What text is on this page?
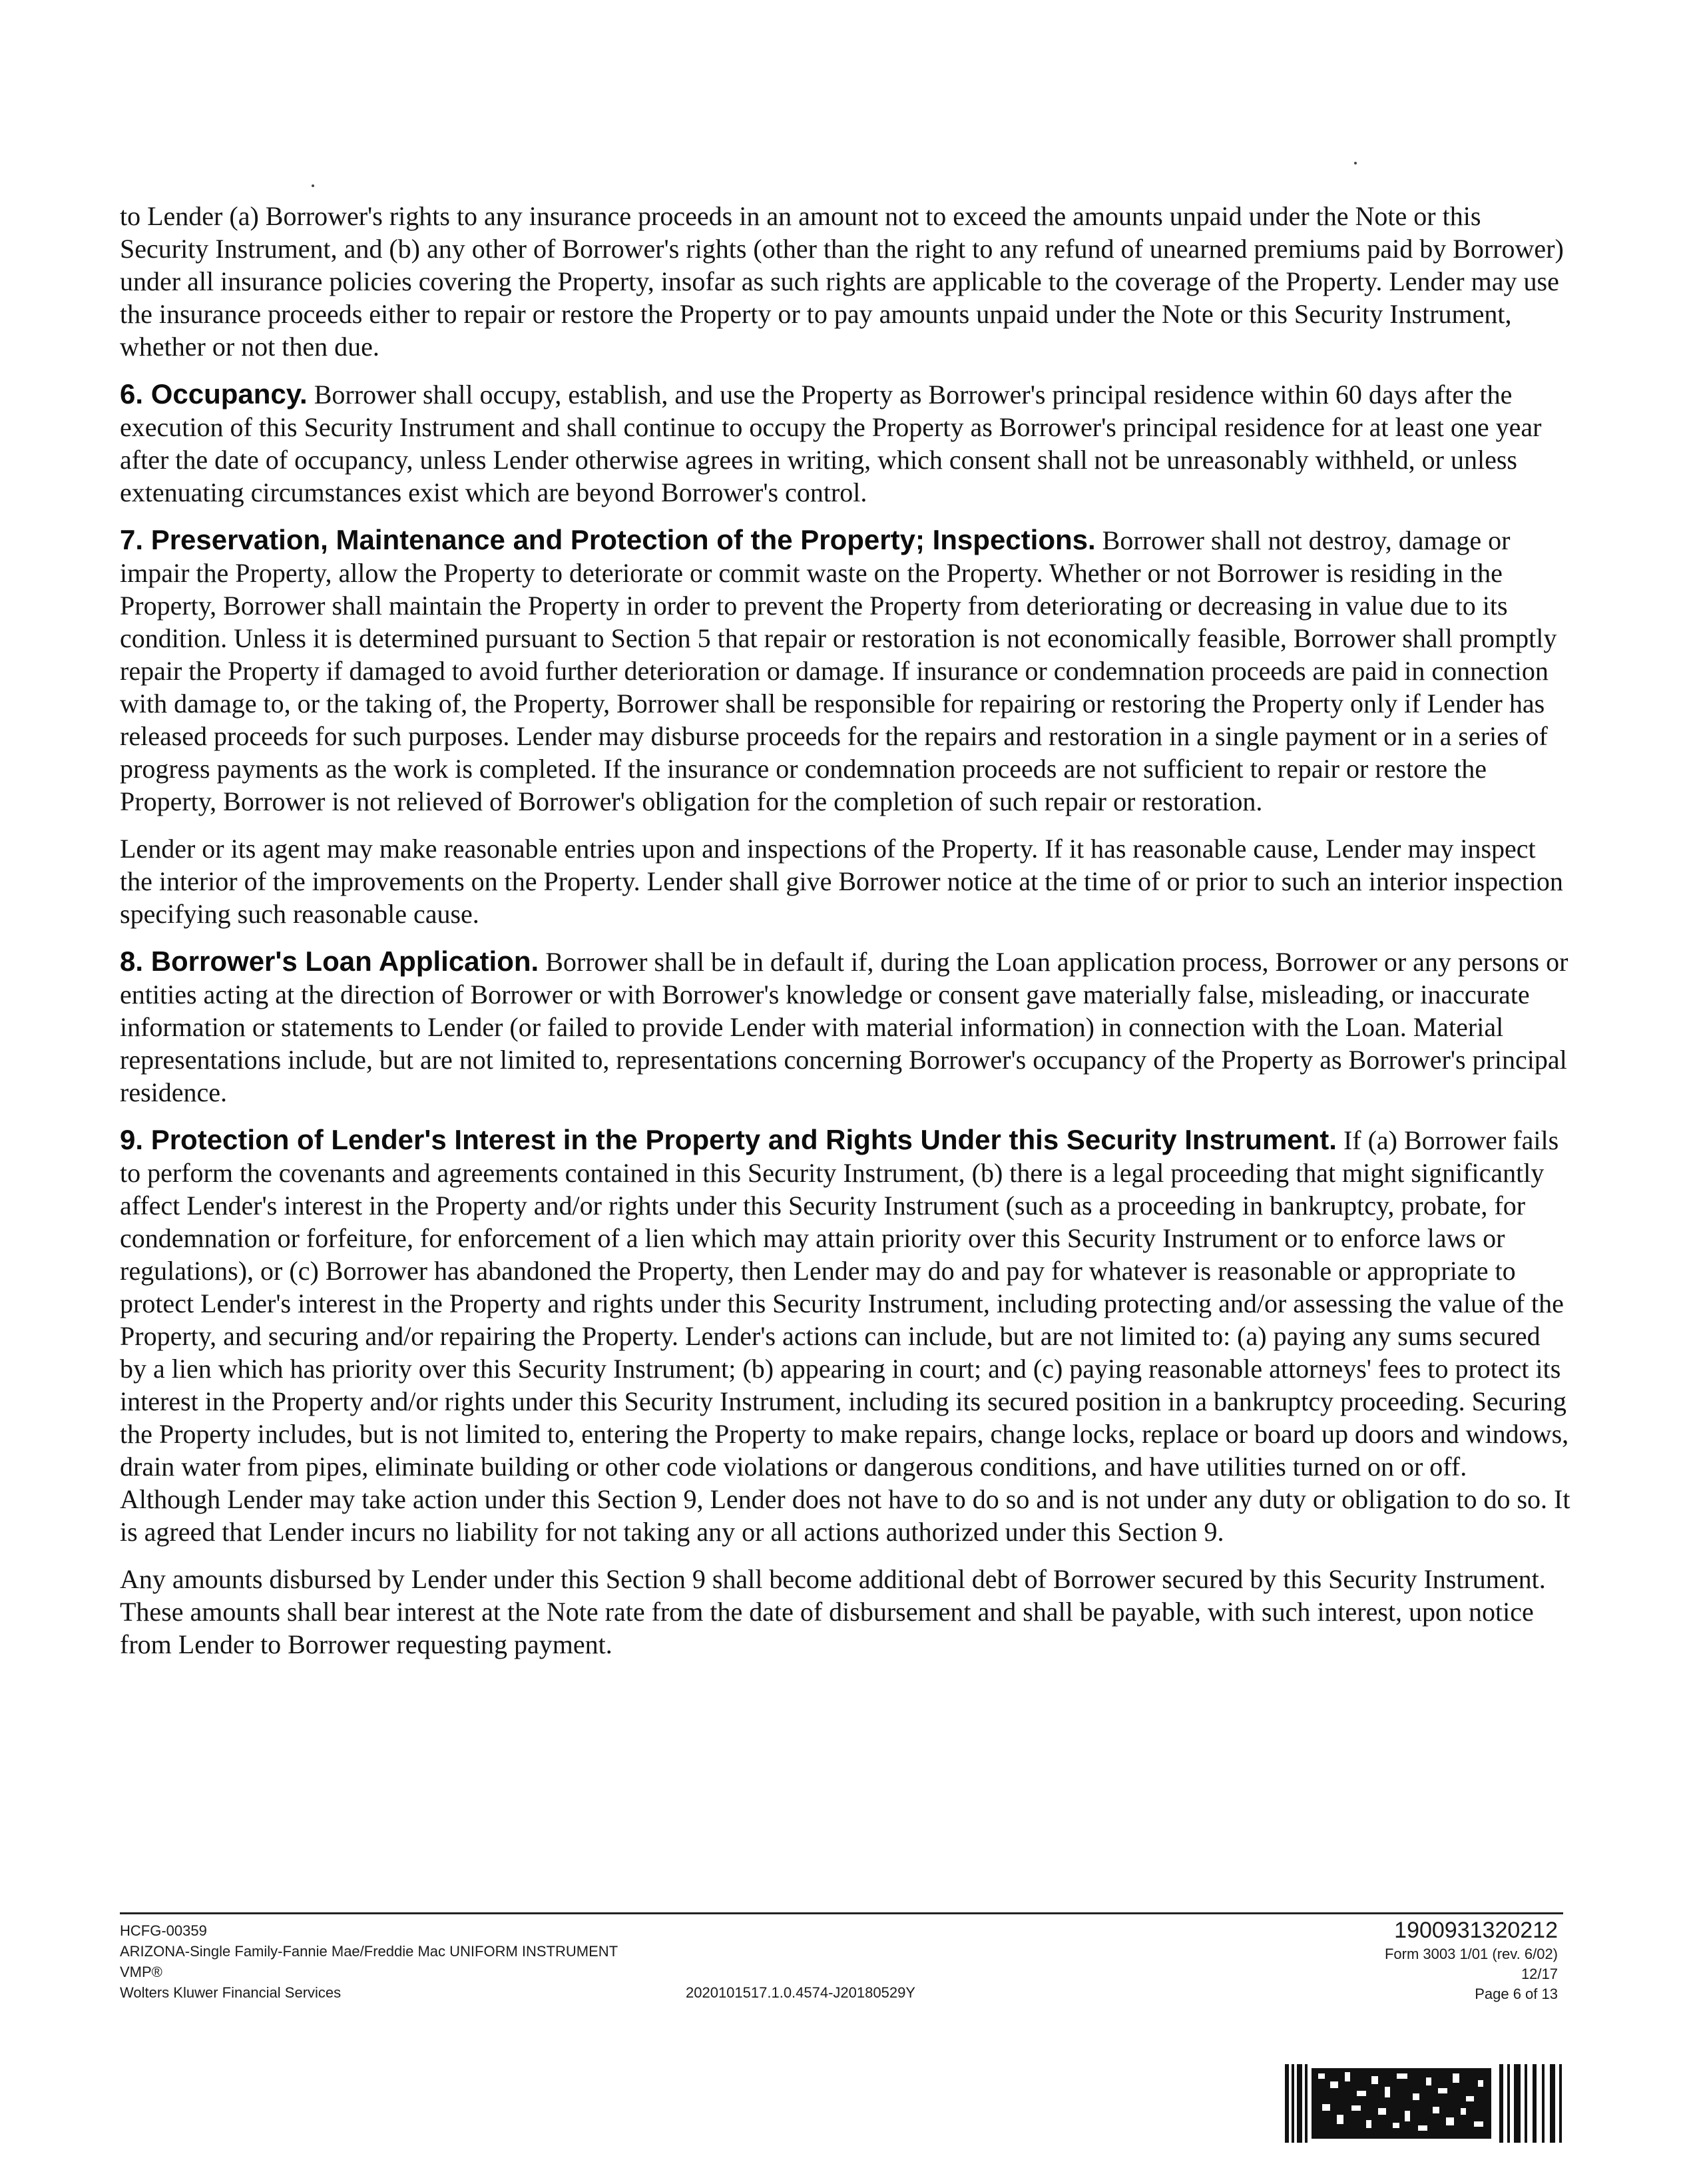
to Lender (a) Borrower's rights to any insurance proceeds in an amount not to exceed the amounts unpaid under the Note or this Security Instrument, and (b) any other of Borrower's rights (other than the right to any refund of unearned premiums paid by Borrower) under all insurance policies covering the Property, insofar as such rights are applicable to the coverage of the Property. Lender may use the insurance proceeds either to repair or restore the Property or to pay amounts unpaid under the Note or this Security Instrument, whether or not then due.

6. Occupancy. Borrower shall occupy, establish, and use the Property as Borrower's principal residence within 60 days after the execution of this Security Instrument and shall continue to occupy the Property as Borrower's principal residence for at least one year after the date of occupancy, unless Lender otherwise agrees in writing, which consent shall not be unreasonably withheld, or unless extenuating circumstances exist which are beyond Borrower's control.

7. Preservation, Maintenance and Protection of the Property; Inspections. Borrower shall not destroy, damage or impair the Property, allow the Property to deteriorate or commit waste on the Property. Whether or not Borrower is residing in the Property, Borrower shall maintain the Property in order to prevent the Property from deteriorating or decreasing in value due to its condition. Unless it is determined pursuant to Section 5 that repair or restoration is not economically feasible, Borrower shall promptly repair the Property if damaged to avoid further deterioration or damage. If insurance or condemnation proceeds are paid in connection with damage to, or the taking of, the Property, Borrower shall be responsible for repairing or restoring the Property only if Lender has released proceeds for such purposes. Lender may disburse proceeds for the repairs and restoration in a single payment or in a series of progress payments as the work is completed. If the insurance or condemnation proceeds are not sufficient to repair or restore the Property, Borrower is not relieved of Borrower's obligation for the completion of such repair or restoration.

Lender or its agent may make reasonable entries upon and inspections of the Property. If it has reasonable cause, Lender may inspect the interior of the improvements on the Property. Lender shall give Borrower notice at the time of or prior to such an interior inspection specifying such reasonable cause.

8. Borrower's Loan Application. Borrower shall be in default if, during the Loan application process, Borrower or any persons or entities acting at the direction of Borrower or with Borrower's knowledge or consent gave materially false, misleading, or inaccurate information or statements to Lender (or failed to provide Lender with material information) in connection with the Loan. Material representations include, but are not limited to, representations concerning Borrower's occupancy of the Property as Borrower's principal residence.

9. Protection of Lender's Interest in the Property and Rights Under this Security Instrument. If (a) Borrower fails to perform the covenants and agreements contained in this Security Instrument, (b) there is a legal proceeding that might significantly affect Lender's interest in the Property and/or rights under this Security Instrument (such as a proceeding in bankruptcy, probate, for condemnation or forfeiture, for enforcement of a lien which may attain priority over this Security Instrument or to enforce laws or regulations), or (c) Borrower has abandoned the Property, then Lender may do and pay for whatever is reasonable or appropriate to protect Lender's interest in the Property and rights under this Security Instrument, including protecting and/or assessing the value of the Property, and securing and/or repairing the Property. Lender's actions can include, but are not limited to: (a) paying any sums secured by a lien which has priority over this Security Instrument; (b) appearing in court; and (c) paying reasonable attorneys' fees to protect its interest in the Property and/or rights under this Security Instrument, including its secured position in a bankruptcy proceeding. Securing the Property includes, but is not limited to, entering the Property to make repairs, change locks, replace or board up doors and windows, drain water from pipes, eliminate building or other code violations or dangerous conditions, and have utilities turned on or off. Although Lender may take action under this Section 9, Lender does not have to do so and is not under any duty or obligation to do so. It is agreed that Lender incurs no liability for not taking any or all actions authorized under this Section 9.

Any amounts disbursed by Lender under this Section 9 shall become additional debt of Borrower secured by this Security Instrument. These amounts shall bear interest at the Note rate from the date of disbursement and shall be payable, with such interest, upon notice from Lender to Borrower requesting payment.

HCFG-00359
ARIZONA-Single Family-Fannie Mae/Freddie Mac UNIFORM INSTRUMENT
VMP®
Wolters Kluwer Financial Services	2020101517.1.0.4574-J20180529Y
1900931320212
Form 3003 1/01 (rev. 6/02)
12/17
Page 6 of 13
